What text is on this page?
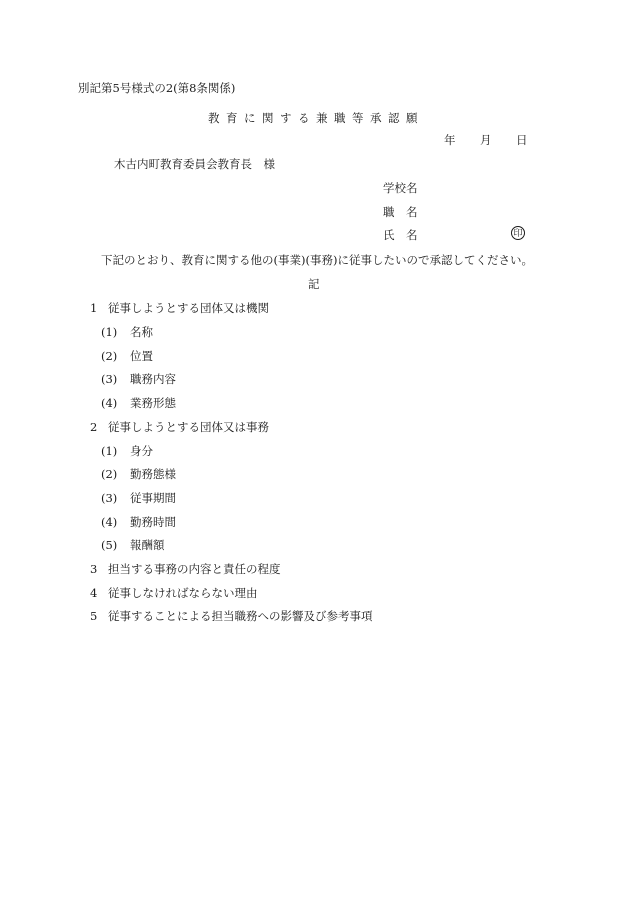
別記第5号様式の2(第8条関係)
教育に関する兼職等承認願
年 月 日
木古内町教育委員会教育長　様
学校名
職　名
氏　名	印
下記のとおり、教育に関する他の(事業)(事務)に従事したいので承認してください。
記
1 従事しようとする団体又は機関
(1) 名称
(2) 位置
(3) 職務内容
(4) 業務形態
2 従事しようとする団体又は事務
(1) 身分
(2) 勤務態様
(3) 従事期間
(4) 勤務時間
(5) 報酬額
3 担当する事務の内容と責任の程度
4 従事しなければならない理由
5 従事することによる担当職務への影響及び参考事項
